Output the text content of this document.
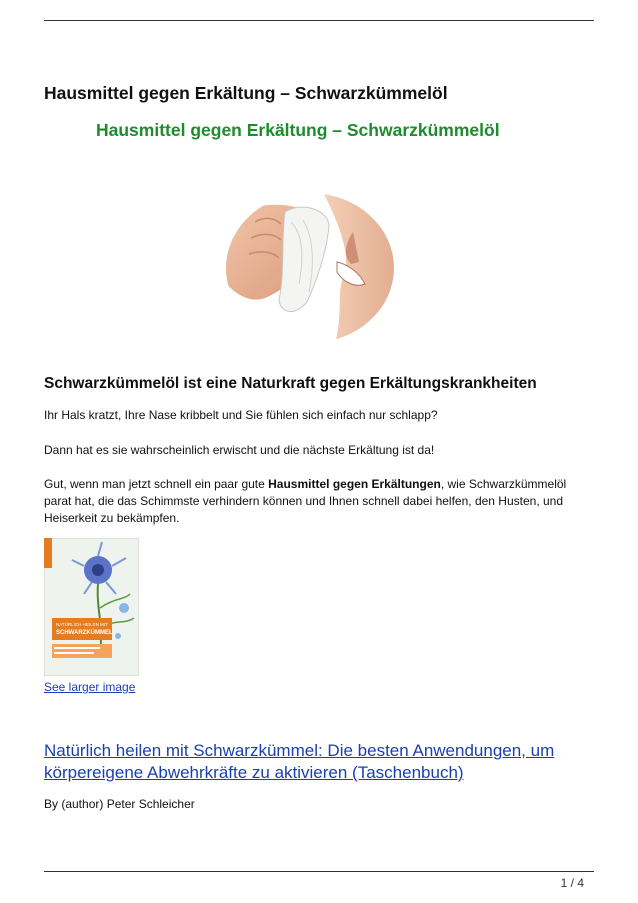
Hausmittel gegen Erkältung – Schwarzkümmelöl
Hausmittel gegen Erkältung – Schwarzkümmelöl
Schwarzkümmelöl ist eine Naturkraft gegen Erkältungskrankheiten
Ihr Hals kratzt, Ihre Nase kribbelt und Sie fühlen sich einfach nur schlapp?
Dann hat es sie wahrscheinlich erwischt und die nächste Erkältung ist da!
Gut, wenn man jetzt schnell ein paar gute Hausmittel gegen Erkältungen, wie Schwarzkümmelöl parat hat, die das Schimmste verhindern können und Ihnen schnell dabei helfen, den Husten, und Heiserkeit zu bekämpfen.
NATÜRLICH HEILEN MIT
SCHWARZKÜMMEL
See larger image
Natürlich heilen mit Schwarzkümmel: Die besten Anwendungen, um körpereigene Abwehrkräfte zu aktivieren (Taschenbuch)
By (author) Peter Schleicher
1 / 4
